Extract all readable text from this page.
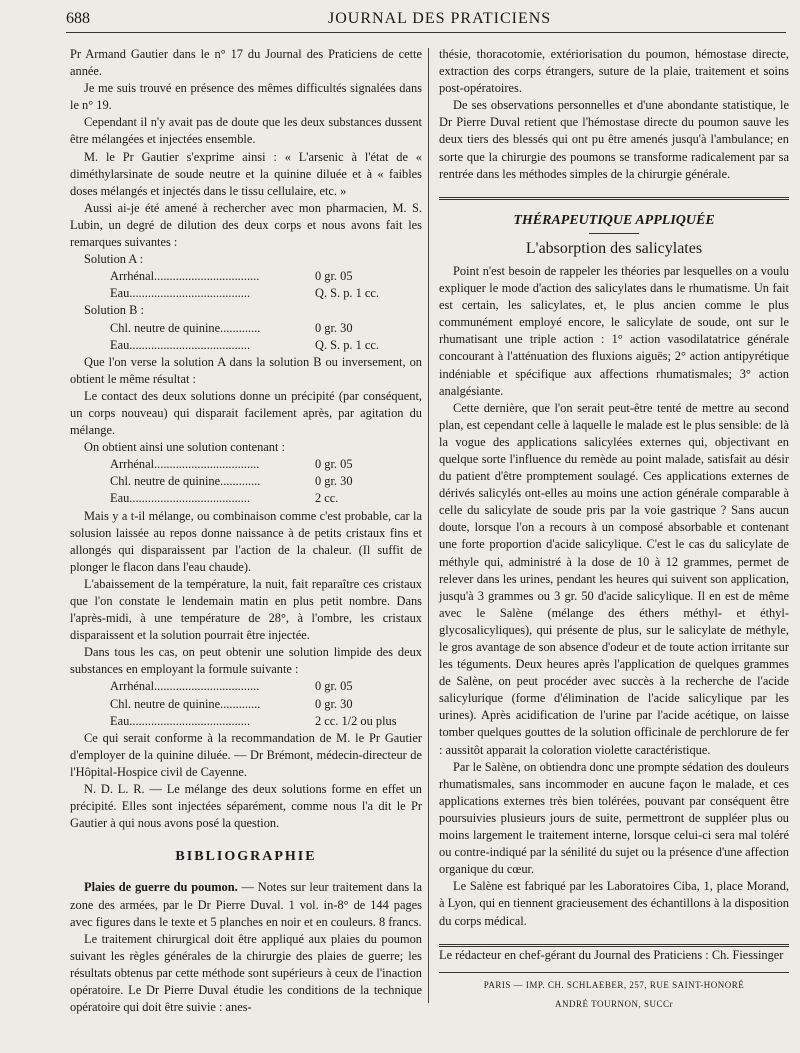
688	JOURNAL DES PRATICIENS

Pr Armand Gautier dans le n° 17 du Journal des Praticiens de cette année.

Je me suis trouvé en présence des mêmes difficultés signalées dans le n° 19.

Cependant il n'y avait pas de doute que les deux substances dussent être mélangées et injectées ensemble.

M. le Pr Gautier s'exprime ainsi : « L'arsenic à l'état de « diméthylarsinate de soude neutre et la quinine diluée et à « faibles doses mélangés et injectés dans le tissu cellulaire, etc. »

Aussi ai-je été amené à rechercher avec mon pharmacien, M. S. Lubin, un degré de dilution des deux corps et nous avons fait les remarques suivantes :

Solution A :

Arrhénal..................................	0 gr. 05
Eau.......................................	Q. S. p. 1 cc.

Solution B :

Chl. neutre de quinine.............	0 gr. 30
Eau.......................................	Q. S. p. 1 cc.

Que l'on verse la solution A dans la solution B ou inversement, on obtient le même résultat :

Le contact des deux solutions donne un précipité (par conséquent, un corps nouveau) qui disparait facilement après, par agitation du mélange.

On obtient ainsi une solution contenant :

Arrhénal..................................	0 gr. 05
Chl. neutre de quinine.............	0 gr. 30
Eau.......................................	2 cc.

Mais y a t-il mélange, ou combinaison comme c'est probable, car la solusion laissée au repos donne naissance à de petits cristaux fins et allongés qui disparaissent par l'action de la chaleur. (Il suffit de plonger le flacon dans l'eau chaude).

L'abaissement de la température, la nuit, fait reparaître ces cristaux que l'on constate le lendemain matin en plus petit nombre. Dans l'après-midi, à une température de 28°, à l'ombre, les cristaux disparaissent et la solution pourrait être injectée.

Dans tous les cas, on peut obtenir une solution limpide des deux substances en employant la formule suivante :

Arrhénal..................................	0 gr. 05
Chl. neutre de quinine.............	0 gr. 30
Eau.......................................	2 cc. 1/2 ou plus

Ce qui serait conforme à la recommandation de M. le Pr Gautier d'employer de la quinine diluée. — Dr Brémont, médecin-directeur de l'Hôpital-Hospice civil de Cayenne.

N. D. L. R. — Le mélange des deux solutions forme en effet un précipité. Elles sont injectées séparément, comme nous l'a dit le Pr Gautier à qui nous avons posé la question.

BIBLIOGRAPHIE

Plaies de guerre du poumon. — Notes sur leur traitement dans la zone des armées, par le Dr Pierre Duval. 1 vol. in-8° de 144 pages avec figures dans le texte et 5 planches en noir et en couleurs. 8 francs.

Le traitement chirurgical doit être appliqué aux plaies du poumon suivant les règles générales de la chirurgie des plaies de guerre; les résultats obtenus par cette méthode sont supérieurs à ceux de l'inaction opératoire. Le Dr Pierre Duval étudie les conditions de la technique opératoire qui doit être suivie : anes-

thésie, thoracotomie, extériorisation du poumon, hémostase directe, extraction des corps étrangers, suture de la plaie, traitement et soins post-opératoires.

De ses observations personnelles et d'une abondante statistique, le Dr Pierre Duval retient que l'hémostase directe du poumon sauve les deux tiers des blessés qui ont pu être amenés jusqu'à l'ambulance; en sorte que la chirurgie des poumons se transforme radicalement par sa rentrée dans les méthodes simples de la chirurgie générale.

THÉRAPEUTIQUE APPLIQUÉE
L'absorption des salicylates

Point n'est besoin de rappeler les théories par lesquelles on a voulu expliquer le mode d'action des salicylates dans le rhumatisme. Un fait est certain, les salicylates, et, le plus ancien comme le plus communément employé encore, le salicylate de soude, ont sur le rhumatisant une triple action : 1° action vasodilatatrice générale concourant à l'atténuation des fluxions aiguës; 2° action antipyrétique indéniable et spécifique aux affections rhumatismales; 3° action analgésiante.

Cette dernière, que l'on serait peut-être tenté de mettre au second plan, est cependant celle à laquelle le malade est le plus sensible: de là la vogue des applications salicylées externes qui, objectivant en quelque sorte l'influence du remède au point malade, satisfait au désir du patient d'être promptement soulagé. Ces applications externes de dérivés salicylés ont-elles au moins une action générale comparable à celle du salicylate de soude pris par la voie gastrique ? Sans aucun doute, lorsque l'on a recours à un composé absorbable et contenant une forte proportion d'acide salicylique. C'est le cas du salicylate de méthyle qui, administré à la dose de 10 à 12 grammes, permet de relever dans les urines, pendant les heures qui suivent son application, jusqu'à 3 grammes ou 3 gr. 50 d'acide salicylique. Il en est de même avec le Salène (mélange des éthers méthyl- et éthyl-glycosalicyliques), qui présente de plus, sur le salicylate de méthyle, le gros avantage de son absence d'odeur et de toute action irritante sur les téguments. Deux heures après l'application de quelques grammes de Salène, on peut procéder avec succès à la recherche de l'acide salicylurique (forme d'élimination de l'acide salicylique par les urines). Après acidification de l'urine par l'acide acétique, on laisse tomber quelques gouttes de la solution officinale de perchlorure de fer : aussitôt apparait la coloration violette caractéristique.

Par le Salène, on obtiendra donc une prompte sédation des douleurs rhumatismales, sans incommoder en aucune façon le malade, et ces applications externes très bien tolérées, pouvant par conséquent être poursuivies plusieurs jours de suite, permettront de suppléer plus ou moins largement le traitement interne, lorsque celui-ci sera mal toléré ou contre-indiqué par la sénilité du sujet ou la présence d'une affection organique du cœur.

Le Salène est fabriqué par les Laboratoires Ciba, 1, place Morand, à Lyon, qui en tiennent gracieusement des échantillons à la disposition du corps médical.

Le rédacteur en chef-gérant du Journal des Praticiens : Ch. Fiessinger

PARIS — IMP. CH. SCHLAEBER, 257, RUE SAINT-HONORÉ
ANDRÉ TOURNON, SUCCr
